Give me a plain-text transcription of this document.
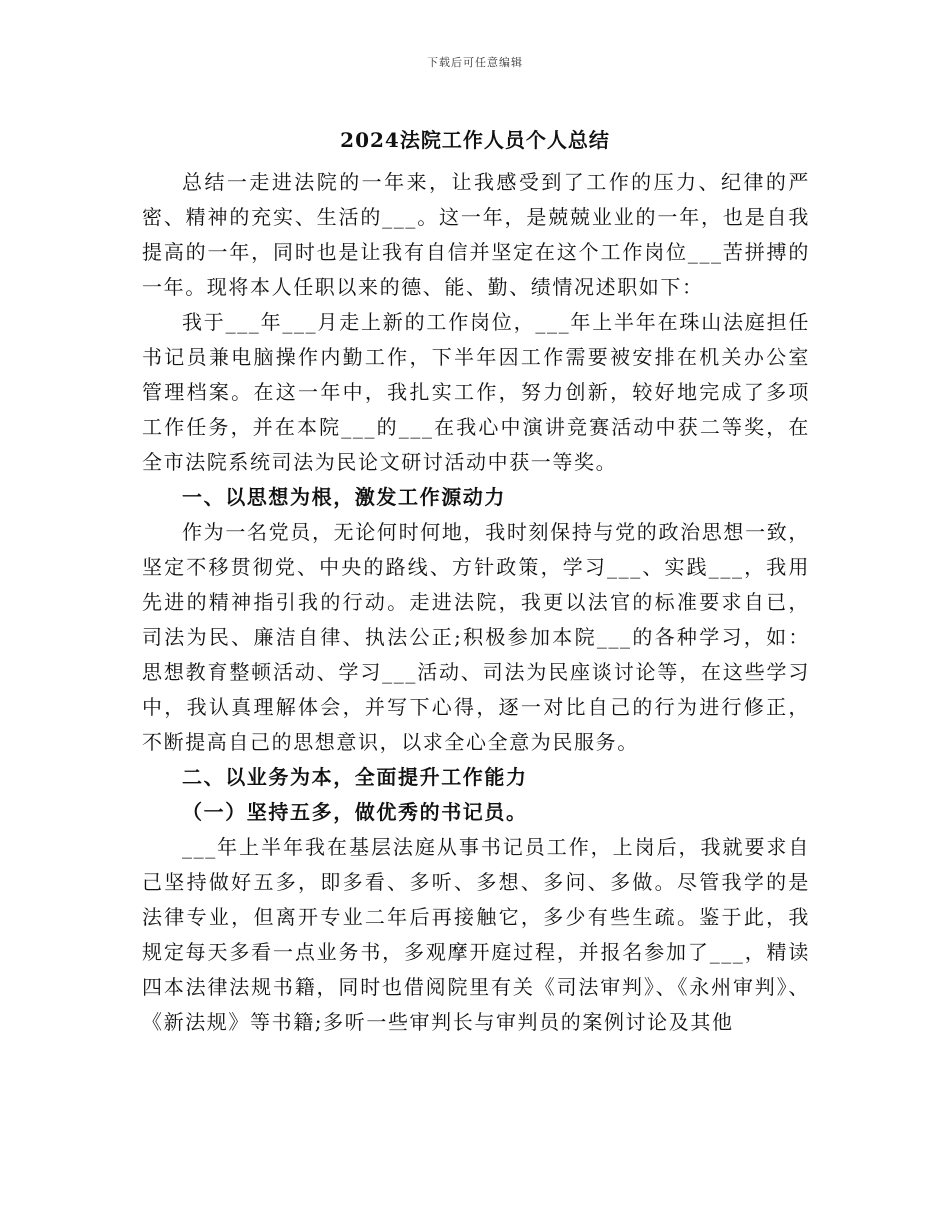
下载后可任意编辑
2024法院工作人员个人总结

总结一走进法院的一年来，让我感受到了工作的压力、纪律的严密、精神的充实、生活的___。这一年，是兢兢业业的一年，也是自我提高的一年，同时也是让我有自信并坚定在这个工作岗位___苦拼搏的一年。现将本人任职以来的德、能、勤、绩情况述职如下：

我于___年___月走上新的工作岗位，___年上半年在珠山法庭担任书记员兼电脑操作内勤工作，下半年因工作需要被安排在机关办公室管理档案。在这一年中，我扎实工作，努力创新，较好地完成了多项工作任务，并在本院___的___在我心中演讲竞赛活动中获二等奖，在全市法院系统司法为民论文研讨活动中获一等奖。

一、以思想为根，激发工作源动力

作为一名党员，无论何时何地，我时刻保持与党的政治思想一致，坚定不移贯彻党、中央的路线、方针政策，学习___、实践___，我用先进的精神指引我的行动。走进法院，我更以法官的标准要求自已，司法为民、廉洁自律、执法公正;积极参加本院___的各种学习，如：思想教育整顿活动、学习___活动、司法为民座谈讨论等，在这些学习中，我认真理解体会，并写下心得，逐一对比自己的行为进行修正，不断提高自己的思想意识，以求全心全意为民服务。

二、以业务为本，全面提升工作能力

（一）坚持五多，做优秀的书记员。

___年上半年我在基层法庭从事书记员工作，上岗后，我就要求自己坚持做好五多，即多看、多听、多想、多问、多做。尽管我学的是法律专业，但离开专业二年后再接触它，多少有些生疏。鉴于此，我规定每天多看一点业务书，多观摩开庭过程，并报名参加了___，精读四本法律法规书籍，同时也借阅院里有关《司法审判》、《永州审判》、《新法规》等书籍;多听一些审判长与审判员的案例讨论及其他
